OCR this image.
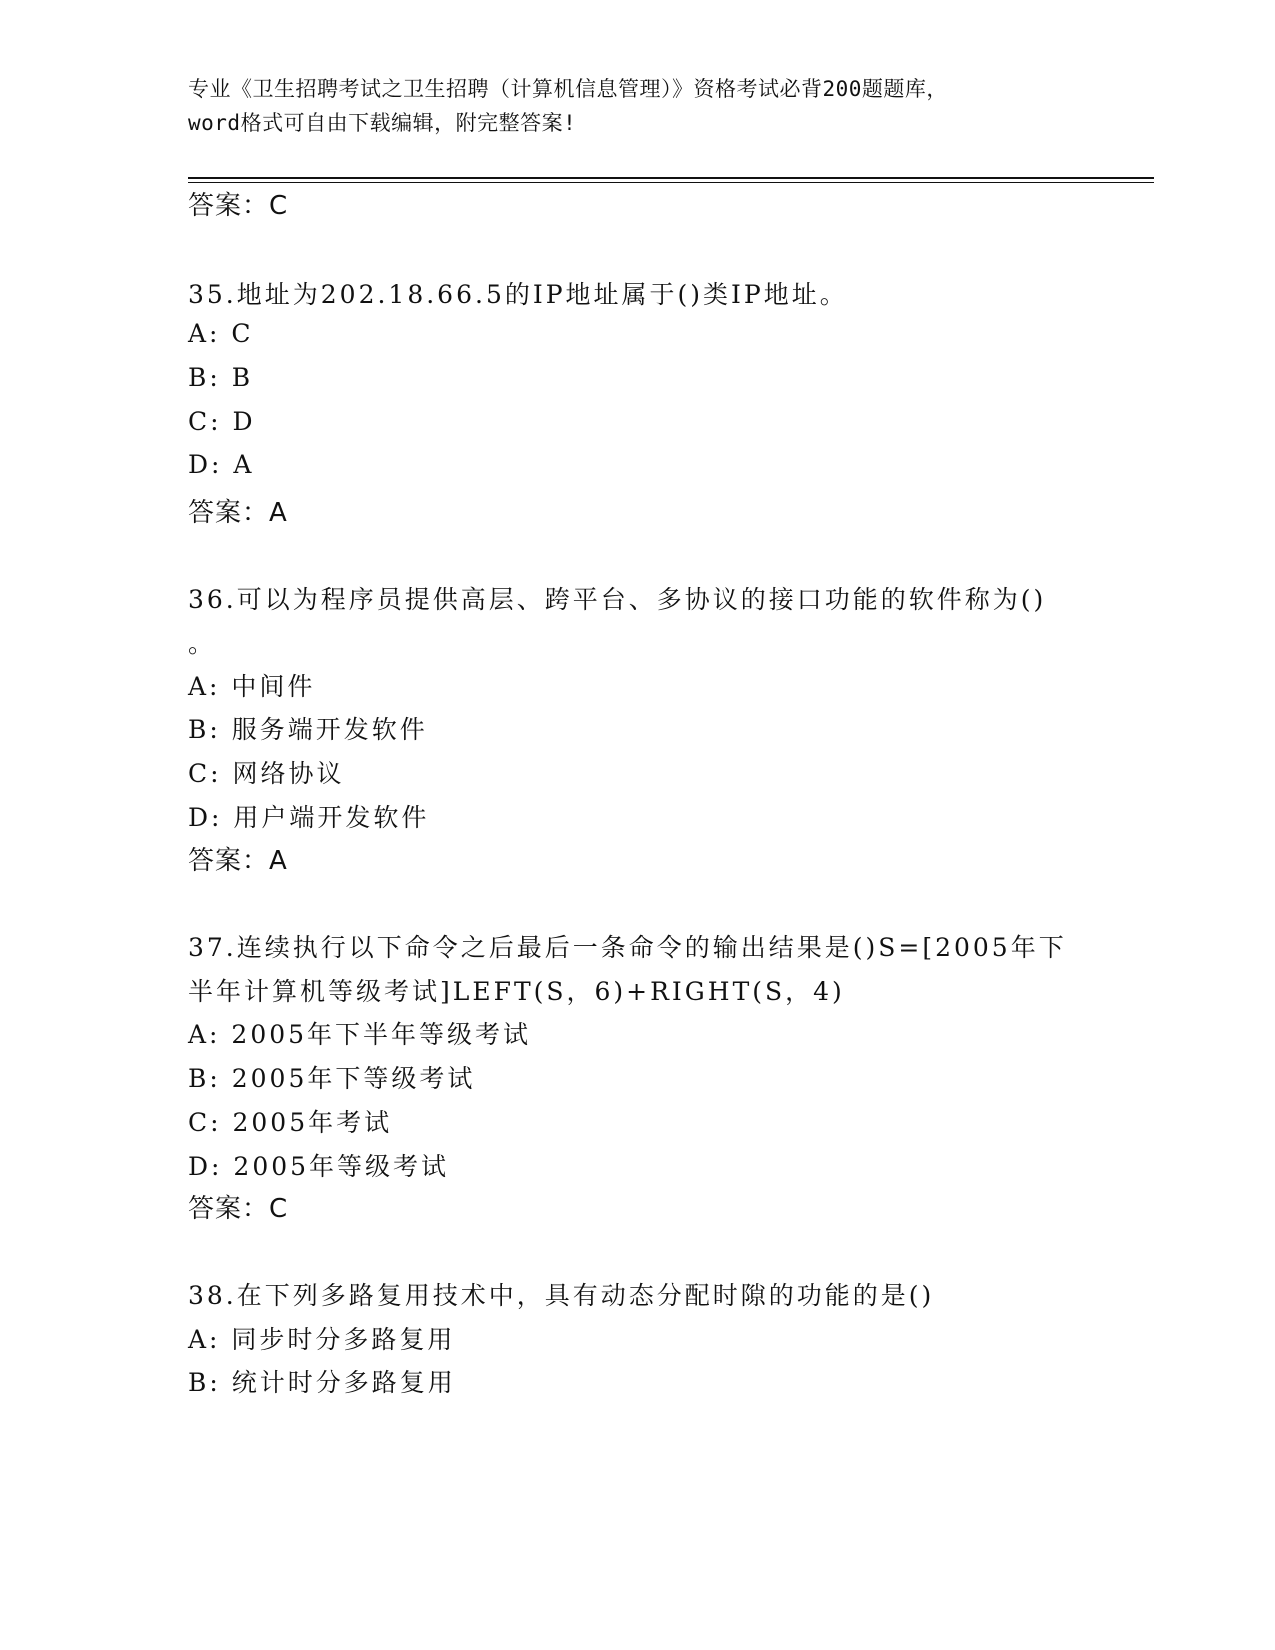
专业《卫生招聘考试之卫生招聘（计算机信息管理）》资格考试必背200题题库，
word格式可自由下载编辑，附完整答案!
答案：C
35.地址为202.18.66.5的IP地址属于()类IP地址。
A: C
B: B
C: D
D: A
答案：A
36.可以为程序员提供高层、跨平台、多协议的接口功能的软件称为()
。
A: 中间件
B: 服务端开发软件
C: 网络协议
D: 用户端开发软件
答案：A
37.连续执行以下命令之后最后一条命令的输出结果是()S=[2005年下
半年计算机等级考试]LEFT(S，6)+RIGHT(S，4)
A: 2005年下半年等级考试
B: 2005年下等级考试
C: 2005年考试
D: 2005年等级考试
答案：C
38.在下列多路复用技术中，具有动态分配时隙的功能的是()
A: 同步时分多路复用
B: 统计时分多路复用
